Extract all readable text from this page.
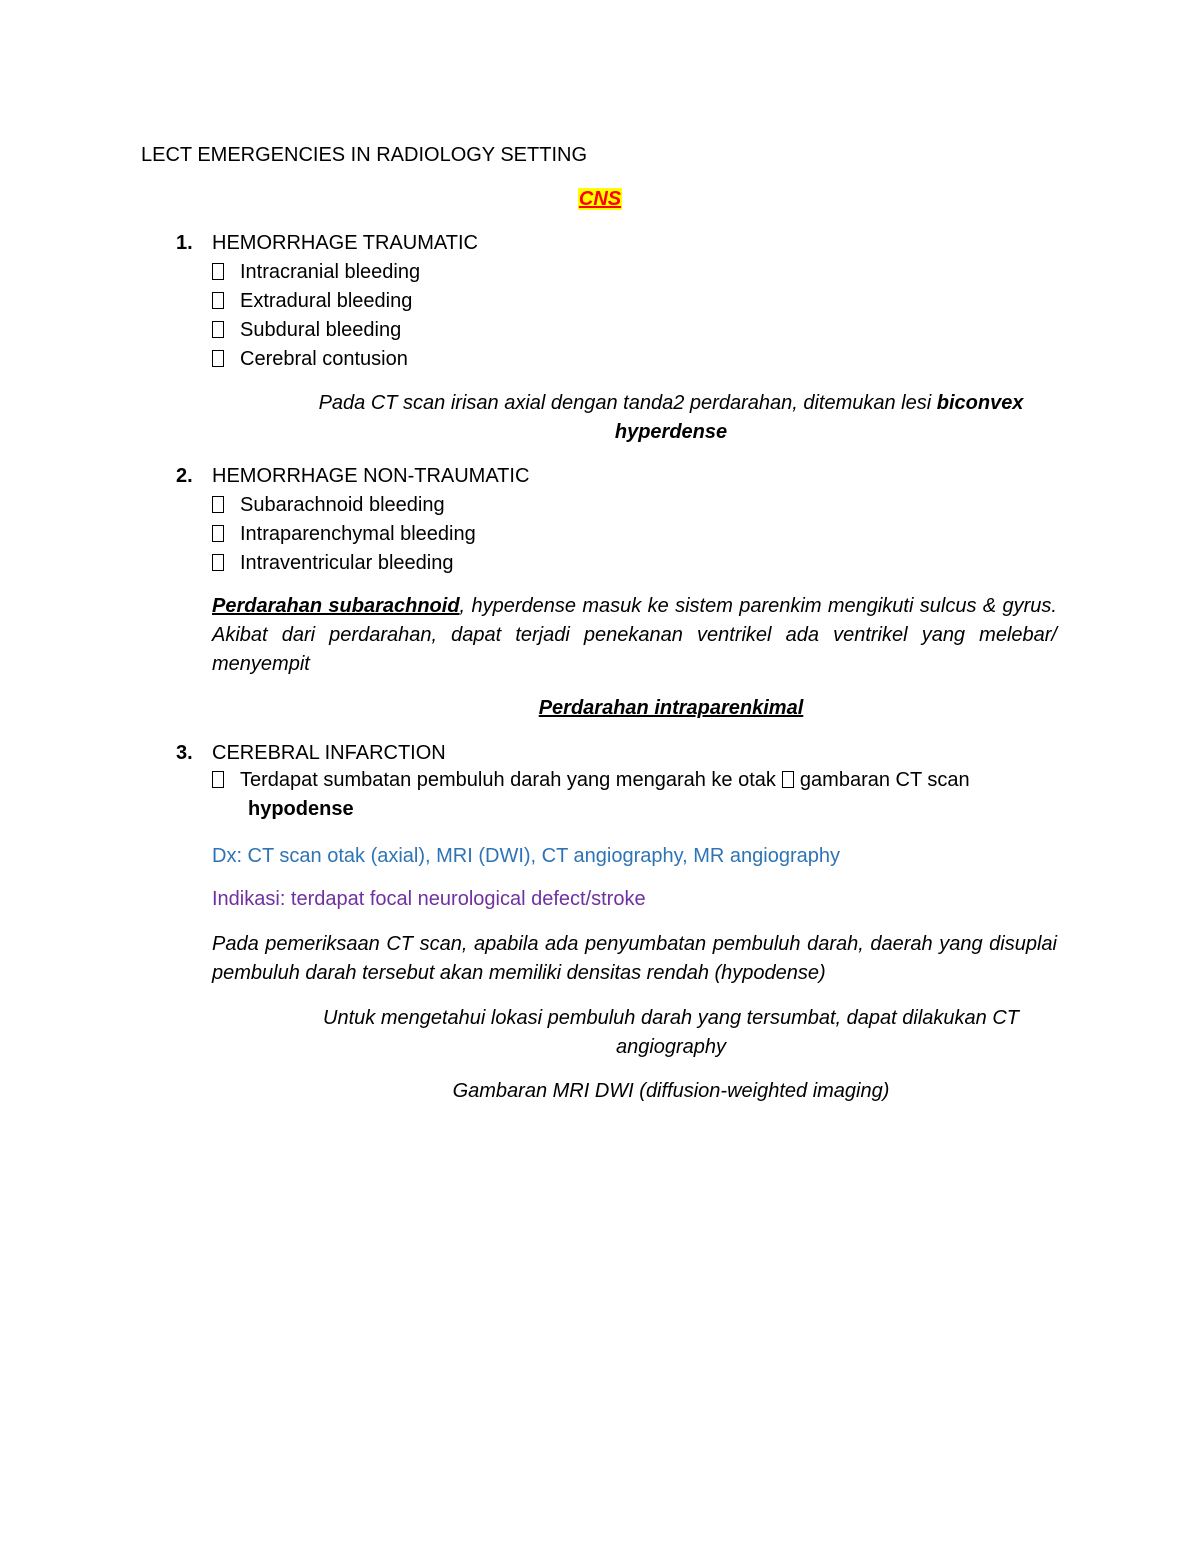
LECT EMERGENCIES IN RADIOLOGY SETTING
CNS
1. HEMORRHAGE TRAUMATIC
Intracranial bleeding
Extradural bleeding
Subdural bleeding
Cerebral contusion
Pada CT scan irisan axial dengan tanda2 perdarahan, ditemukan lesi biconvex
hyperdense
2. HEMORRHAGE NON-TRAUMATIC
Subarachnoid bleeding
Intraparenchymal bleeding
Intraventricular bleeding
Perdarahan subarachnoid, hyperdense masuk ke sistem parenkim mengikuti sulcus & gyrus. Akibat dari perdarahan, dapat terjadi penekanan ventrikel ada ventrikel yang melebar/ menyempit
Perdarahan intraparenkimal
3. CEREBRAL INFARCTION
Terdapat sumbatan pembuluh darah yang mengarah ke otak gambaran CT scan
hypodense
Dx: CT scan otak (axial), MRI (DWI), CT angiography, MR angiography
Indikasi: terdapat focal neurological defect/stroke
Pada pemeriksaan CT scan, apabila ada penyumbatan pembuluh darah, daerah yang disuplai pembuluh darah tersebut akan memiliki densitas rendah (hypodense)
Untuk mengetahui lokasi pembuluh darah yang tersumbat, dapat dilakukan CT
angiography
Gambaran MRI DWI (diffusion-weighted imaging)
